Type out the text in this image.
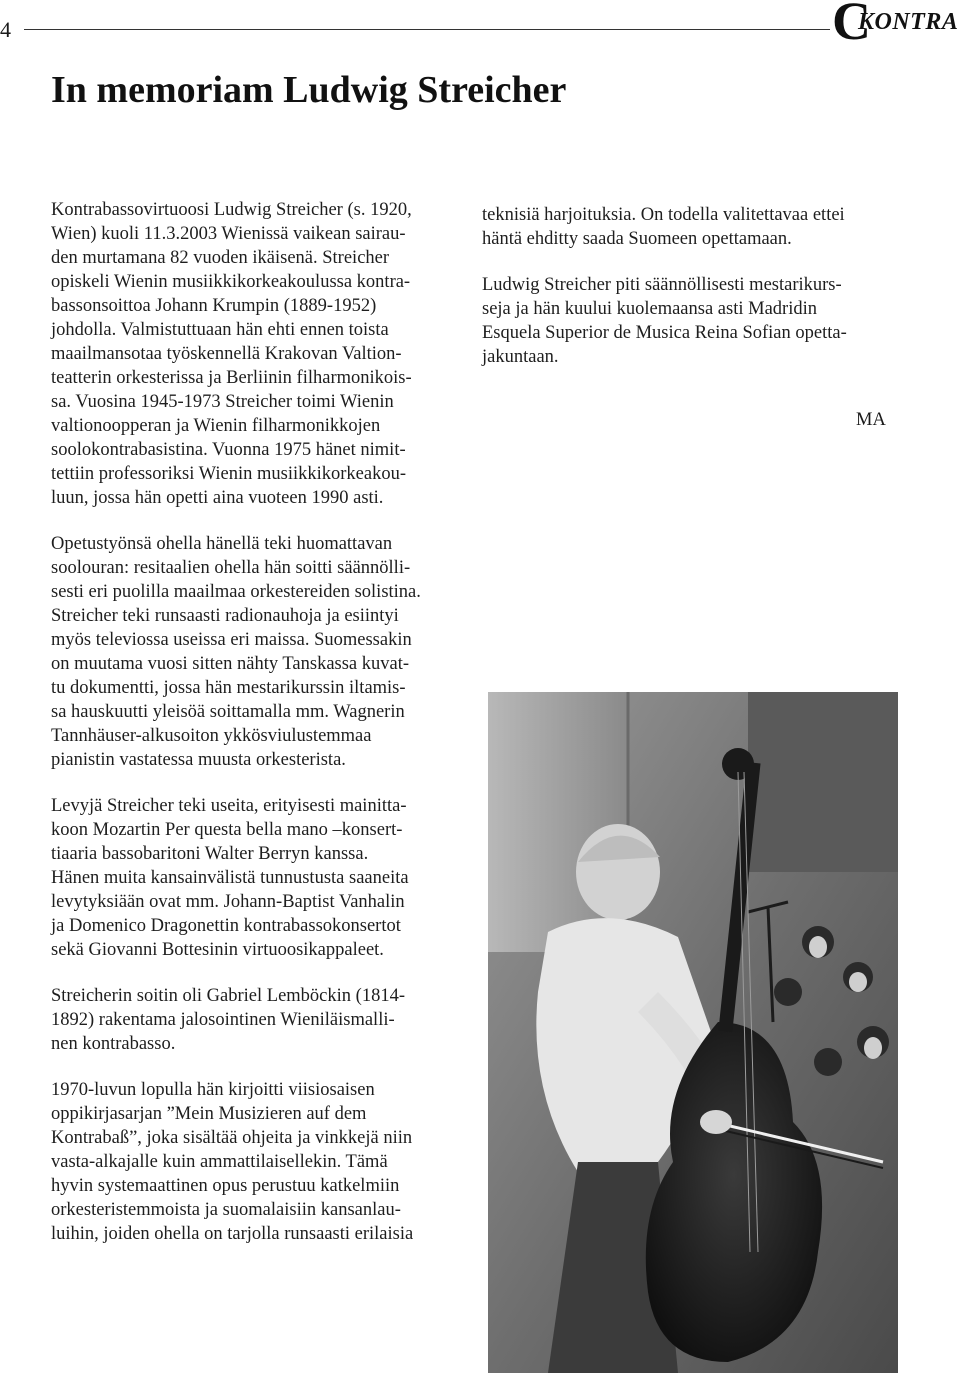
4	C
KONTRA
In memoriam Ludwig Streicher

Kontrabassovirtuoosi Ludwig Streicher (s. 1920,
Wien) kuoli 11.3.2003 Wienissä vaikean sairau-
den murtamana 82 vuoden ikäisenä. Streicher
opiskeli Wienin musiikkikorkeakoulussa kontra-
bassonsoittoa Johann Krumpin (1889-1952)
johdolla. Valmistuttuaan hän ehti ennen toista
maailmansotaa työskennellä Krakovan Valtion-
teatterin orkesterissa ja Berliinin filharmonikois-
sa. Vuosina 1945-1973 Streicher toimi Wienin
valtionoopperan ja Wienin filharmonikkojen
soolokontrabasistina. Vuonna 1975 hänet nimit-
tettiin professoriksi Wienin musiikkikorkeakou-
luun, jossa hän opetti aina vuoteen 1990 asti.

Opetustyönsä ohella hänellä teki huomattavan
soolouran: resitaalien ohella hän soitti säännölli-
sesti eri puolilla maailmaa orkestereiden solistina.
Streicher teki runsaasti radionauhoja ja esiintyi
myös televiossa useissa eri maissa. Suomessakin
on muutama vuosi sitten nähty Tanskassa kuvat-
tu dokumentti, jossa hän mestarikurssin iltamis-
sa hauskuutti yleisöä soittamalla mm. Wagnerin
Tannhäuser-alkusoiton ykkösviulustemmaa
pianistin vastatessa muusta orkesterista.

Levyjä Streicher teki useita, erityisesti mainitta-
koon Mozartin Per questa bella mano –konsert-
tiaaria bassobaritoni Walter Berryn kanssa.
Hänen muita kansainvälistä tunnustusta saaneita
levytyksiään ovat mm. Johann-Baptist Vanhalin
ja Domenico Dragonettin kontrabassokonsertot
sekä Giovanni Bottesinin virtuoosikappaleet.

Streicherin soitin oli Gabriel Lemböckin (1814-
1892) rakentama jalosointinen Wieniläismalli-
nen kontrabasso.

1970-luvun lopulla hän kirjoitti viisiosaisen
oppikirjasarjan ”Mein Musizieren auf dem
Kontrabaß”, joka sisältää ohjeita ja vinkkejä niin
vasta-alkajalle kuin ammattilaisellekin. Tämä
hyvin systemaattinen opus perustuu katkelmiin
orkesteristemmoista ja suomalaisiin kansanlau-
luihin, joiden ohella on tarjolla runsaasti erilaisia

teknisiä harjoituksia. On todella valitettavaa ettei
häntä ehditty saada Suomeen opettamaan.

Ludwig Streicher piti säännöllisesti mestarikurs-
seja ja hän kuului kuolemaansa asti Madridin
Esquela Superior de Musica Reina Sofian opetta-
jakuntaan.

MA
